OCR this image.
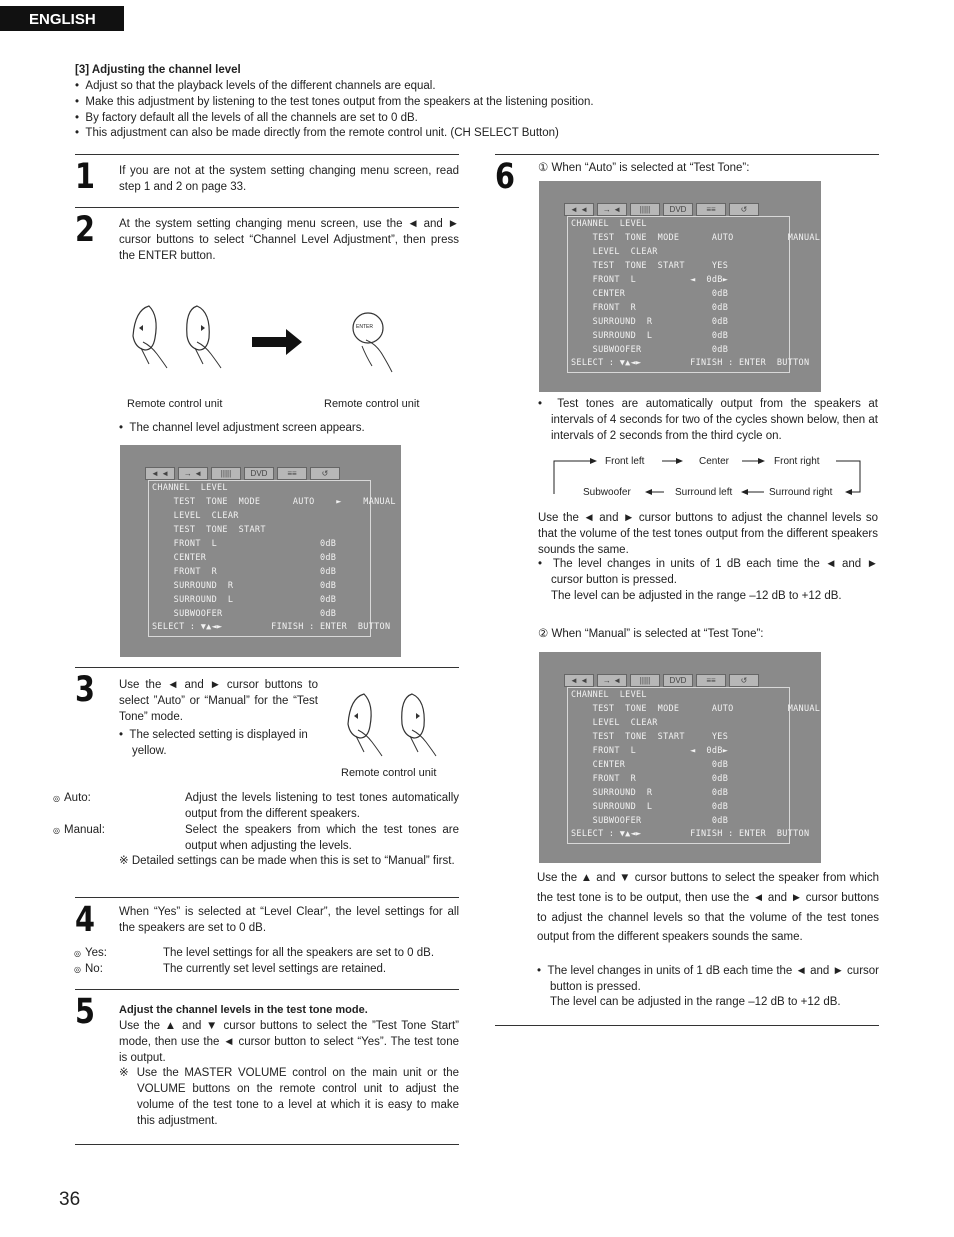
ENGLISH
[3] Adjusting the channel level
•  Adjust so that the playback levels of the different channels are equal.
•  Make this adjustment by listening to the test tones output from the speakers at the listening position.
•  By factory default all the levels of all the channels are set to 0 dB.
•  This adjustment can also be made directly from the remote control unit. (CH SELECT Button)
1 If you are not at the system setting changing menu screen, read step 1 and 2 on page 33.
2 At the system setting changing menu screen, use the ◄ and ► cursor buttons to select “Channel Level Adjustment”, then press the ENTER button.
ENTER
Remote control unit	Remote control unit
•  The channel level adjustment screen appears.
◄ ◄	→ ◄	|||||	DVD	≡≡	↺
CHANNEL  LEVEL
TEST  TONE  MODE      AUTO    ►    MANUAL
LEVEL  CLEAR
TEST  TONE  START
FRONT  L                   0dB
CENTER                     0dB
FRONT  R                   0dB
SURROUND  R                0dB
SURROUND  L                0dB
SUBWOOFER                  0dB
SELECT : ▼▲◄►         FINISH : ENTER  BUTTON
3 Use the ◄ and ► cursor buttons to select ”Auto” or “Manual” for the “Test Tone” mode.
•  The selected setting is displayed in yellow.
Remote control unit
◎ Auto:	Adjust the levels listening to test tones automatically output from the different speakers.
◎ Manual:	Select the speakers from which the test tones are output when adjusting the levels.
※ Detailed settings can be made when this is set to “Manual” first.
4 When “Yes” is selected at “Level Clear”, the level settings for all the speakers are set to 0 dB.
◎ Yes:	The level settings for all the speakers are set to 0 dB.
◎ No:	The currently set level settings are retained.
5 Adjust the channel levels in the test tone mode.
Use the ▲ and ▼ cursor buttons to select the ”Test Tone Start” mode, then use the ◄ cursor button to select “Yes”. The test tone is output.
※ Use the MASTER VOLUME control on the main unit or the VOLUME buttons on the remote control unit to adjust the volume of the test tone to a level at which it is easy to make this adjustment.
6 ① When “Auto” is selected at “Test Tone”:
◄ ◄	→ ◄	|||||	DVD	≡≡	↺
CHANNEL  LEVEL
TEST  TONE  MODE      AUTO          MANUAL
LEVEL  CLEAR
TEST  TONE  START     YES
FRONT  L          ◄  0dB►
CENTER                0dB
FRONT  R              0dB
SURROUND  R           0dB
SURROUND  L           0dB
SUBWOOFER             0dB
SELECT : ▼▲◄►         FINISH : ENTER  BUTTON
•  Test tones are automatically output from the speakers at intervals of 4 seconds for two of the cycles shown below, then at intervals of 2 seconds from the third cycle on.
Front left	Center	Front right
Surround right
Surround left
Subwoofer
Use the ◄ and ► cursor buttons to adjust the channel levels so that the volume of the test tones output from the different speakers sounds the same.
•  The level changes in units of 1 dB each time the ◄ and ► cursor button is pressed.
The level can be adjusted in the range –12 dB to +12 dB.
② When “Manual” is selected at “Test Tone”:
◄ ◄	→ ◄	|||||	DVD	≡≡	↺
CHANNEL  LEVEL
TEST  TONE  MODE      AUTO          MANUAL
LEVEL  CLEAR
TEST  TONE  START     YES
FRONT  L          ◄  0dB►
CENTER                0dB
FRONT  R              0dB
SURROUND  R           0dB
SURROUND  L           0dB
SUBWOOFER             0dB
SELECT : ▼▲◄►         FINISH : ENTER  BUTTON
Use the ▲ and ▼ cursor buttons to select the speaker from which the test tone is to be output, then use the ◄ and ► cursor buttons to adjust the channel levels so that the volume of the test tones output from the different speakers sounds the same.
•  The level changes in units of 1 dB each time the ◄ and ► cursor button is pressed.
The level can be adjusted in the range –12 dB to +12 dB.
36
